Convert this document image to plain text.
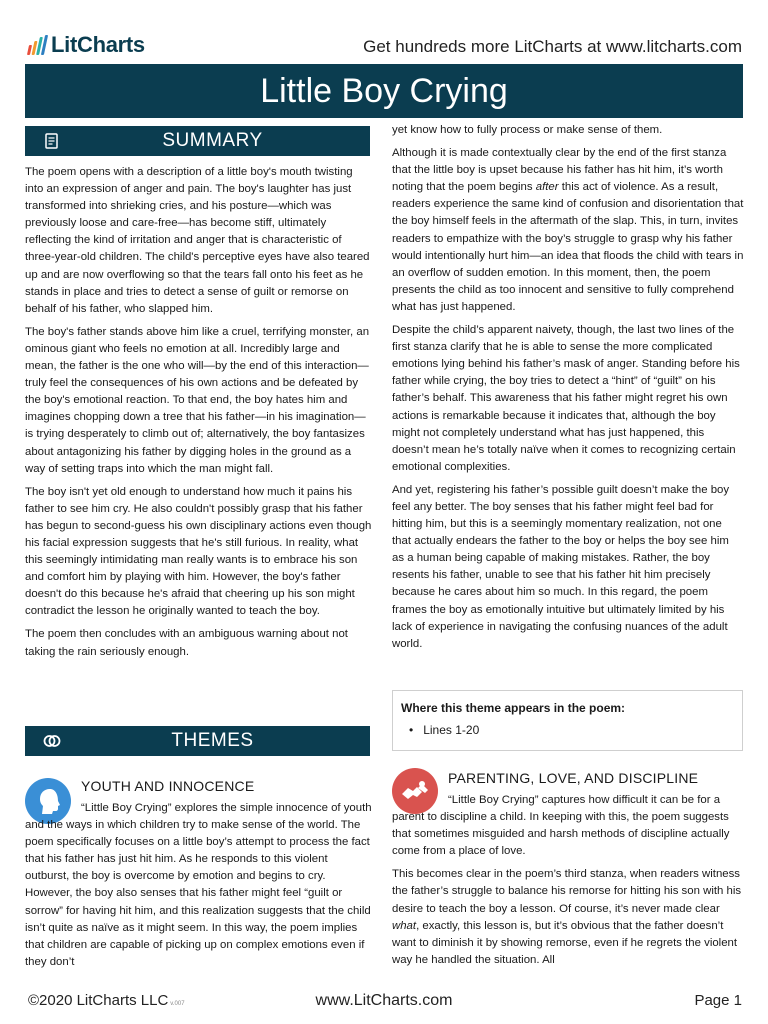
LitCharts	Get hundreds more LitCharts at www.litcharts.com
Little Boy Crying
SUMMARY

The poem opens with a description of a little boy's mouth twisting into an expression of anger and pain. The boy's laughter has just transformed into shrieking cries, and his posture—which was previously loose and care-free—has become stiff, ultimately reflecting the kind of irritation and anger that is characteristic of three-year-old children. The child's perceptive eyes have also teared up and are now overflowing so that the tears fall onto his feet as he stands in place and tries to detect a sense of guilt or remorse on behalf of his father, who slapped him.

The boy's father stands above him like a cruel, terrifying monster, an ominous giant who feels no emotion at all. Incredibly large and mean, the father is the one who will—by the end of this interaction—truly feel the consequences of his own actions and be defeated by the boy's emotional reaction. To that end, the boy hates him and imagines chopping down a tree that his father—in his imagination—is trying desperately to climb out of; alternatively, the boy fantasizes about antagonizing his father by digging holes in the ground as a way of setting traps into which the man might fall.

The boy isn't yet old enough to understand how much it pains his father to see him cry. He also couldn't possibly grasp that his father has begun to second-guess his own disciplinary actions even though his facial expression suggests that he's still furious. In reality, what this seemingly intimidating man really wants is to embrace his son and comfort him by playing with him. However, the boy's father doesn't do this because he's afraid that cheering up his son might contradict the lesson he originally wanted to teach the boy.

The poem then concludes with an ambiguous warning about not taking the rain seriously enough.

THEMES
YOUTH AND INNOCENCE

“Little Boy Crying” explores the simple innocence of youth and the ways in which children try to make sense of the world. The poem specifically focuses on a little boy’s attempt to process the fact that his father has just hit him. As he responds to this violent outburst, the boy is overcome by emotion and begins to cry. However, the boy also senses that his father might feel “guilt or sorrow” for having hit him, and this realization suggests that the child isn’t quite as naïve as it might seem. In this way, the poem implies that children are capable of picking up on complex emotions even if they don’t

yet know how to fully process or make sense of them.

Although it is made contextually clear by the end of the first stanza that the little boy is upset because his father has hit him, it’s worth noting that the poem begins after this act of violence. As a result, readers experience the same kind of confusion and disorientation that the boy himself feels in the aftermath of the slap. This, in turn, invites readers to empathize with the boy’s struggle to grasp why his father would intentionally hurt him—an idea that floods the child with tears in an overflow of sudden emotion. In this moment, then, the poem presents the child as too innocent and sensitive to fully comprehend what has just happened.

Despite the child’s apparent naivety, though, the last two lines of the first stanza clarify that he is able to sense the more complicated emotions lying behind his father’s mask of anger. Standing before his father while crying, the boy tries to detect a “hint” of “guilt” on his father’s behalf. This awareness that his father might regret his own actions is remarkable because it indicates that, although the boy might not completely understand what has just happened, this doesn’t mean he’s totally naïve when it comes to recognizing certain emotional complexities.

And yet, registering his father’s possible guilt doesn’t make the boy feel any better. The boy senses that his father might feel bad for hitting him, but this is a seemingly momentary realization, not one that actually endears the father to the boy or helps the boy see him as a human being capable of making mistakes. Rather, the boy resents his father, unable to see that his father hit him precisely because he cares about him so much. In this regard, the poem frames the boy as emotionally intuitive but ultimately limited by his lack of experience in navigating the confusing nuances of the adult world.

Where this theme appears in the poem:
• Lines 1-20
PARENTING, LOVE, AND DISCIPLINE

“Little Boy Crying” captures how difficult it can be for a parent to discipline a child. In keeping with this, the poem suggests that sometimes misguided and harsh methods of discipline actually come from a place of love.

This becomes clear in the poem’s third stanza, when readers witness the father’s struggle to balance his remorse for hitting his son with his desire to teach the boy a lesson. Of course, it’s never made clear what, exactly, this lesson is, but it’s obvious that the father doesn’t want to diminish it by showing remorse, even if he regrets the violent way he handled the situation. All

©2020 LitCharts LLC v.007	www.LitCharts.com	Page 1
